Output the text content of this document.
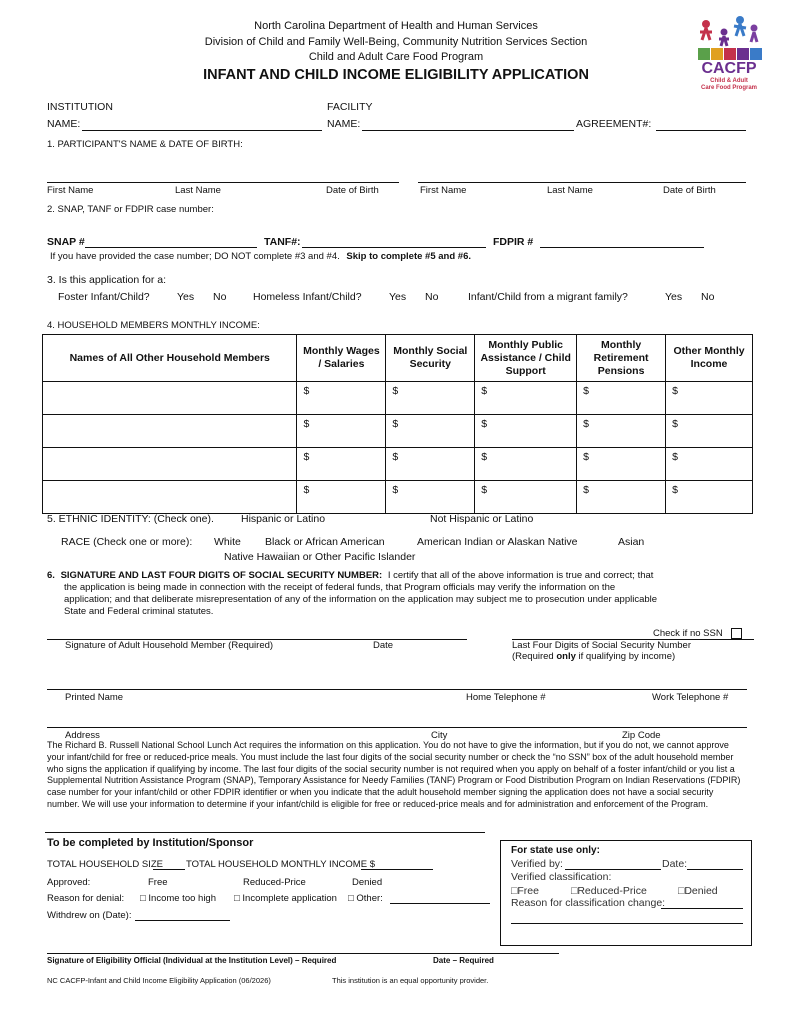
North Carolina Department of Health and Human Services
Division of Child and Family Well-Being, Community Nutrition Services Section
Child and Adult Care Food Program
INFANT AND CHILD INCOME ELIGIBILITY APPLICATION	CACFP
Child & Adult
Care Food Program
INSTITUTION
NAME:
FACILITY
NAME:	AGREEMENT#:
1. PARTICIPANT'S NAME & DATE OF BIRTH:
First Name	Last Name	Date of Birth	First Name	Last Name	Date of Birth
2. SNAP, TANF or FDPIR case number:
SNAP #	TANF#:	FDPIR #
If you have provided the case number; DO NOT complete #3 and #4. Skip to complete #5 and #6.
3. Is this application for a:
Foster Infant/Child?	Yes No	Homeless Infant/Child?	Yes No	Infant/Child from a migrant family?	Yes No
4. HOUSEHOLD MEMBERS MONTHLY INCOME:
Names of All Other Household Members	Monthly Wages / Salaries	Monthly Social Security	Monthly Public Assistance / Child Support	Monthly Retirement Pensions	Other Monthly Income
	$	$	$	$	$
	$	$	$	$	$
	$	$	$	$	$
	$	$	$	$	$
5. ETHNIC IDENTITY: (Check one).	Hispanic or Latino	Not Hispanic or Latino
RACE (Check one or more): White Black or African American	American Indian or Alaskan Native	Asian
Native Hawaiian or Other Pacific Islander
6. SIGNATURE AND LAST FOUR DIGITS OF SOCIAL SECURITY NUMBER: I certify that all of the above information is true and correct; that
the application is being made in connection with the receipt of federal funds, that Program officials may verify the information on the
application; and that deliberate misrepresentation of any of the information on the application may subject me to prosecution under applicable
State and Federal criminal statutes.
Check if no SSN
Signature of Adult Household Member (Required)	Date	Last Four Digits of Social Security Number
(Required only if qualifying by income)
Printed Name	Home Telephone #	Work Telephone #
Address	City	Zip Code
The Richard B. Russell National School Lunch Act requires the information on this application. You do not have to give the information, but if you do not, we cannot approve your infant/child for free or reduced-price meals. You must include the last four digits of the social security number or check the “no SSN” box of the adult household member who signs the application if qualifying by income. The last four digits of the social security number is not required when you apply on behalf of a foster infant/child or you list a Supplemental Nutrition Assistance Program (SNAP), Temporary Assistance for Needy Families (TANF) Program or Food Distribution Program on Indian Reservations (FDPIR) case number for your infant/child or other FDPIR identifier or when you indicate that the adult household member signing the application does not have a social security number. We will use your information to determine if your infant/child is eligible for free or reduced-price meals and for administration and enforcement of the Program.
To be completed by Institution/Sponsor
TOTAL HOUSEHOLD SIZE TOTAL HOUSEHOLD MONTHLY INCOME $
Approved:	Free	Reduced-Price	Denied
Reason for denial: □ Income too high □ Incomplete application □ Other:
Withdrew on (Date):
For state use only:
Verified by:	Date:
Verified classification:
□Free	□Reduced-Price	□Denied
Reason for classification change:
Signature of Eligibility Official (Individual at the Institution Level) – Required	Date – Required
NC CACFP-Infant and Child Income Eligibility Application (06/2026)	This institution is an equal opportunity provider.
